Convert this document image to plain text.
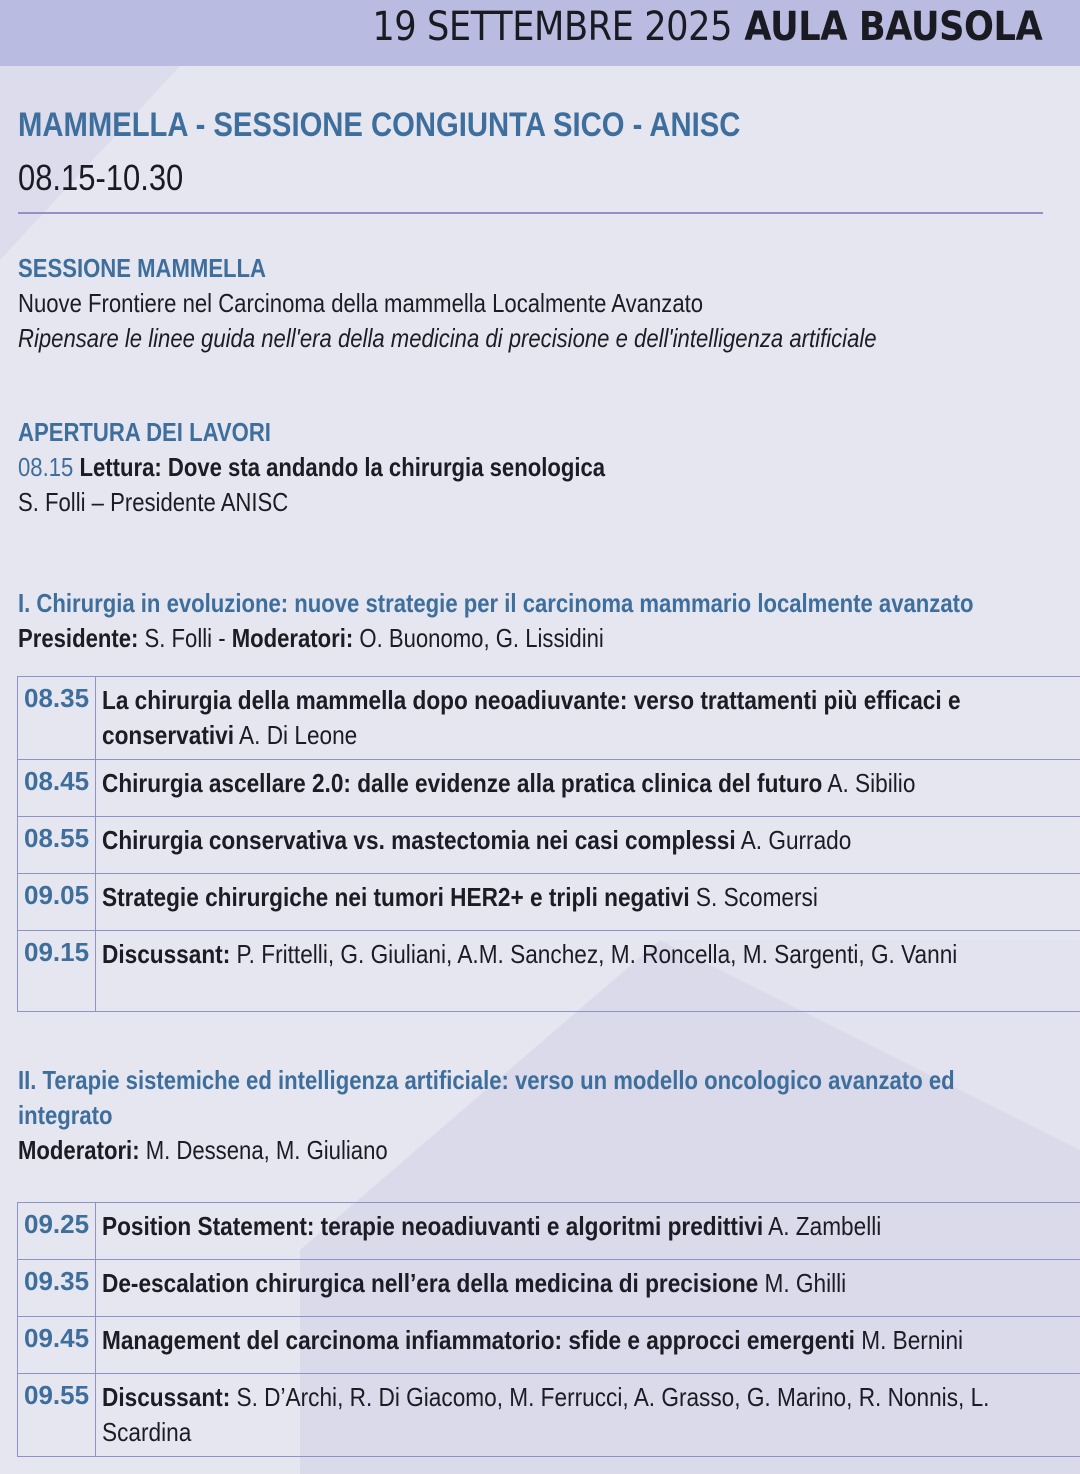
19 SETTEMBRE 2025 AULA BAUSOLA
MAMMELLA - SESSIONE CONGIUNTA SICO - ANISC
08.15-10.30
SESSIONE MAMMELLA
Nuove Frontiere nel Carcinoma della mammella Localmente Avanzato
Ripensare le linee guida nell'era della medicina di precisione e dell'intelligenza artificiale
APERTURA DEI LAVORI
08.15 Lettura: Dove sta andando la chirurgia senologica
S. Folli – Presidente ANISC
I. Chirurgia in evoluzione: nuove strategie per il carcinoma mammario localmente avanzato
Presidente: S. Folli - Moderatori: O. Buonomo, G. Lissidini
08.35	La chirurgia della mammella dopo neoadiuvante: verso trattamenti più efficaci e conservativi A. Di Leone

08.45	Chirurgia ascellare 2.0: dalle evidenze alla pratica clinica del futuro A. Sibilio

08.55	Chirurgia conservativa vs. mastectomia nei casi complessi A. Gurrado

09.05	Strategie chirurgiche nei tumori HER2+ e tripli negativi S. Scomersi

09.15	Discussant: P. Frittelli, G. Giuliani, A.M. Sanchez, M. Roncella, M. Sargenti, G. Vanni
II. Terapie sistemiche ed intelligenza artificiale: verso un modello oncologico avanzato ed
integrato
Moderatori: M. Dessena, M. Giuliano
09.25	Position Statement: terapie neoadiuvanti e algoritmi predittivi A. Zambelli

09.35	De-escalation chirurgica nell’era della medicina di precisione M. Ghilli

09.45	Management del carcinoma infiammatorio: sfide e approcci emergenti M. Bernini

09.55	Discussant: S. D’Archi, R. Di Giacomo, M. Ferrucci, A. Grasso, G. Marino, R. Nonnis, L. Scardina
